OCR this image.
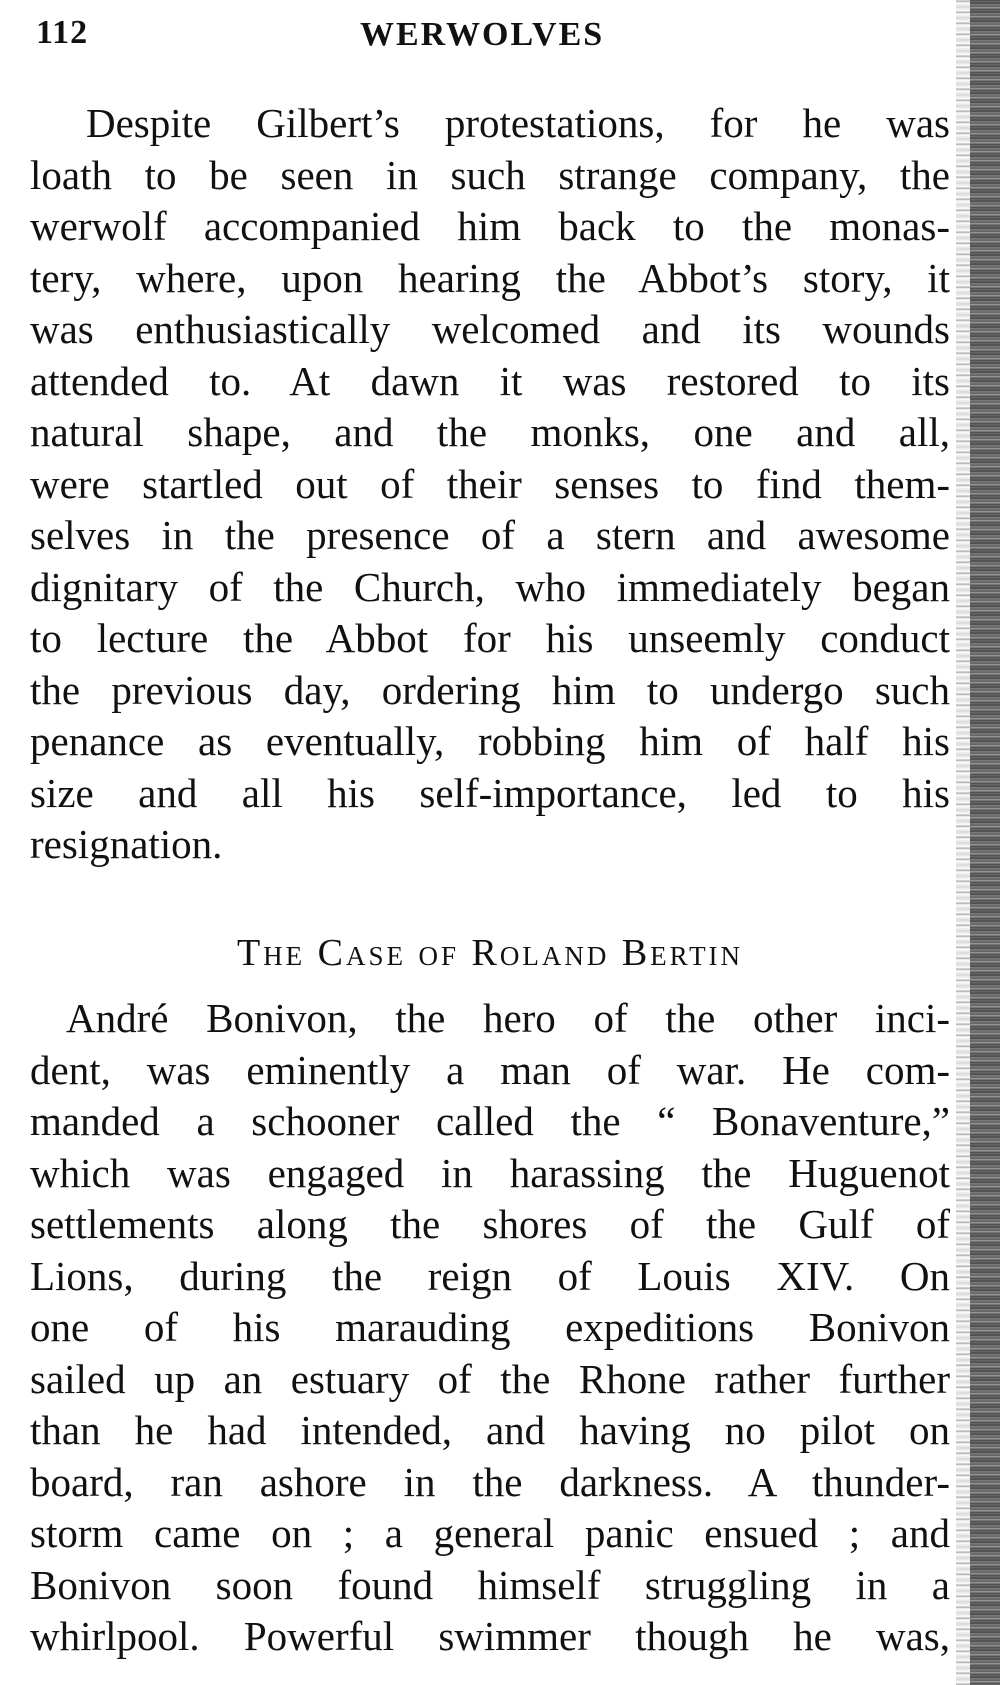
112	WERWOLVES
Despite Gilbert’s protestations, for he was
loath to be seen in such strange company, the
werwolf accompanied him back to the monas-
tery, where, upon hearing the Abbot’s story, it
was enthusiastically welcomed and its wounds
attended to. At dawn it was restored to its
natural shape, and the monks, one and all,
were startled out of their senses to find them-
selves in the presence of a stern and awesome
dignitary of the Church, who immediately began
to lecture the Abbot for his unseemly conduct
the previous day, ordering him to undergo such
penance as eventually, robbing him of half his
size and all his self-importance, led to his
resignation.
The Case of Roland Bertin
André Bonivon, the hero of the other inci-
dent, was eminently a man of war. He com-
manded a schooner called the “ Bonaventure,”
which was engaged in harassing the Huguenot
settlements along the shores of the Gulf of
Lions, during the reign of Louis XIV. On
one of his marauding expeditions Bonivon
sailed up an estuary of the Rhone rather further
than he had intended, and having no pilot on
board, ran ashore in the darkness. A thunder-
storm came on ; a general panic ensued ; and
Bonivon soon found himself struggling in a
whirlpool. Powerful swimmer though he was,
